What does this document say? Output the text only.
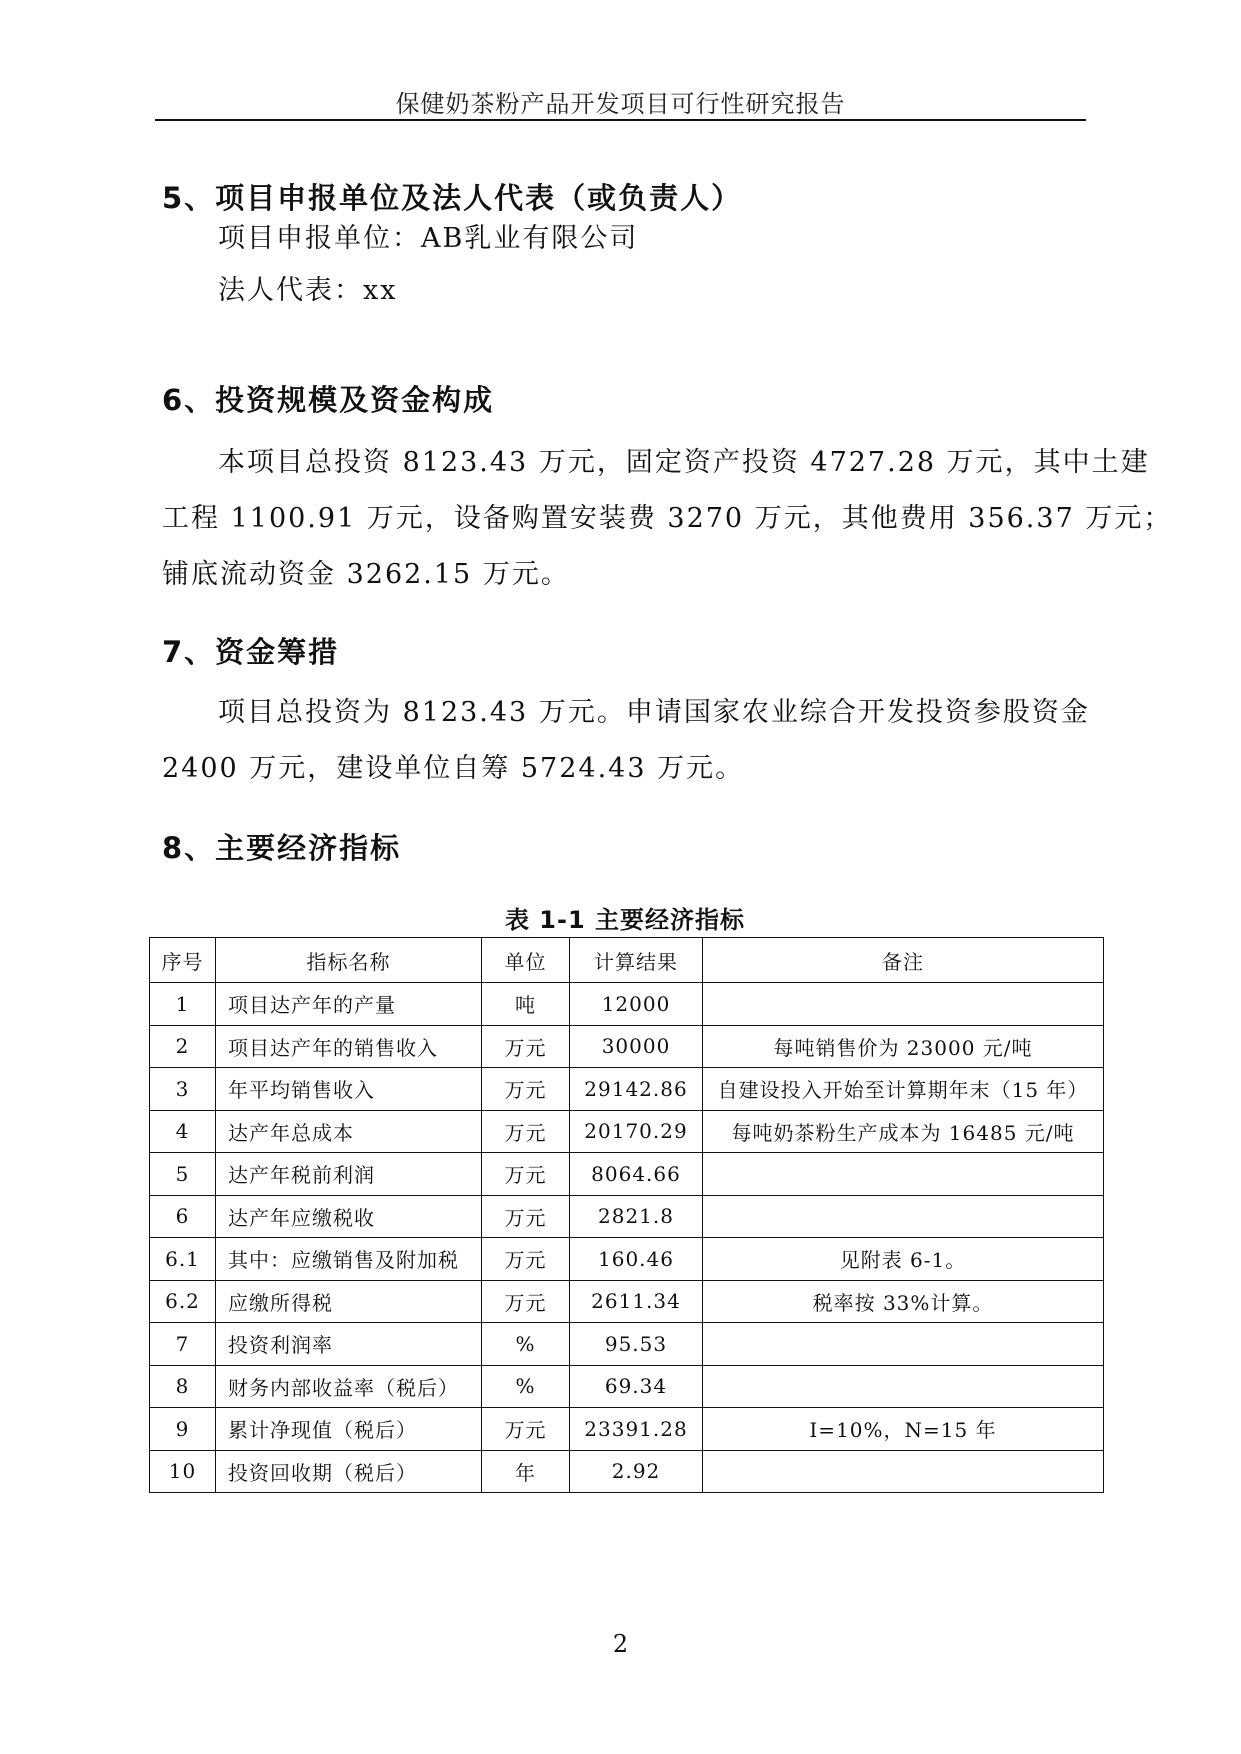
保健奶茶粉产品开发项目可行性研究报告
5、项目申报单位及法人代表（或负责人）
项目申报单位：AB乳业有限公司
法人代表：xx
6、投资规模及资金构成
本项目总投资 8123.43 万元，固定资产投资 4727.28 万元，其中土建
工程 1100.91 万元，设备购置安装费 3270 万元，其他费用 356.37 万元；
铺底流动资金 3262.15 万元。
7、资金筹措
项目总投资为 8123.43 万元。申请国家农业综合开发投资参股资金
2400 万元，建设单位自筹 5724.43 万元。
8、主要经济指标
表 1-1 主要经济指标
序号	指标名称	单位	计算结果	备注
1	项目达产年的产量	吨	12000	
2	项目达产年的销售收入	万元	30000	每吨销售价为 23000 元/吨
3	年平均销售收入	万元	29142.86	自建设投入开始至计算期年末（15 年）
4	达产年总成本	万元	20170.29	每吨奶茶粉生产成本为 16485 元/吨
5	达产年税前利润	万元	8064.66	
6	达产年应缴税收	万元	2821.8	
6.1	其中：应缴销售及附加税	万元	160.46	见附表 6-1。
6.2	应缴所得税	万元	2611.34	税率按 33%计算。
7	投资利润率	%	95.53	
8	财务内部收益率（税后）	%	69.34	
9	累计净现值（税后）	万元	23391.28	I=10%，N=15 年
10	投资回收期（税后）	年	2.92	
2
